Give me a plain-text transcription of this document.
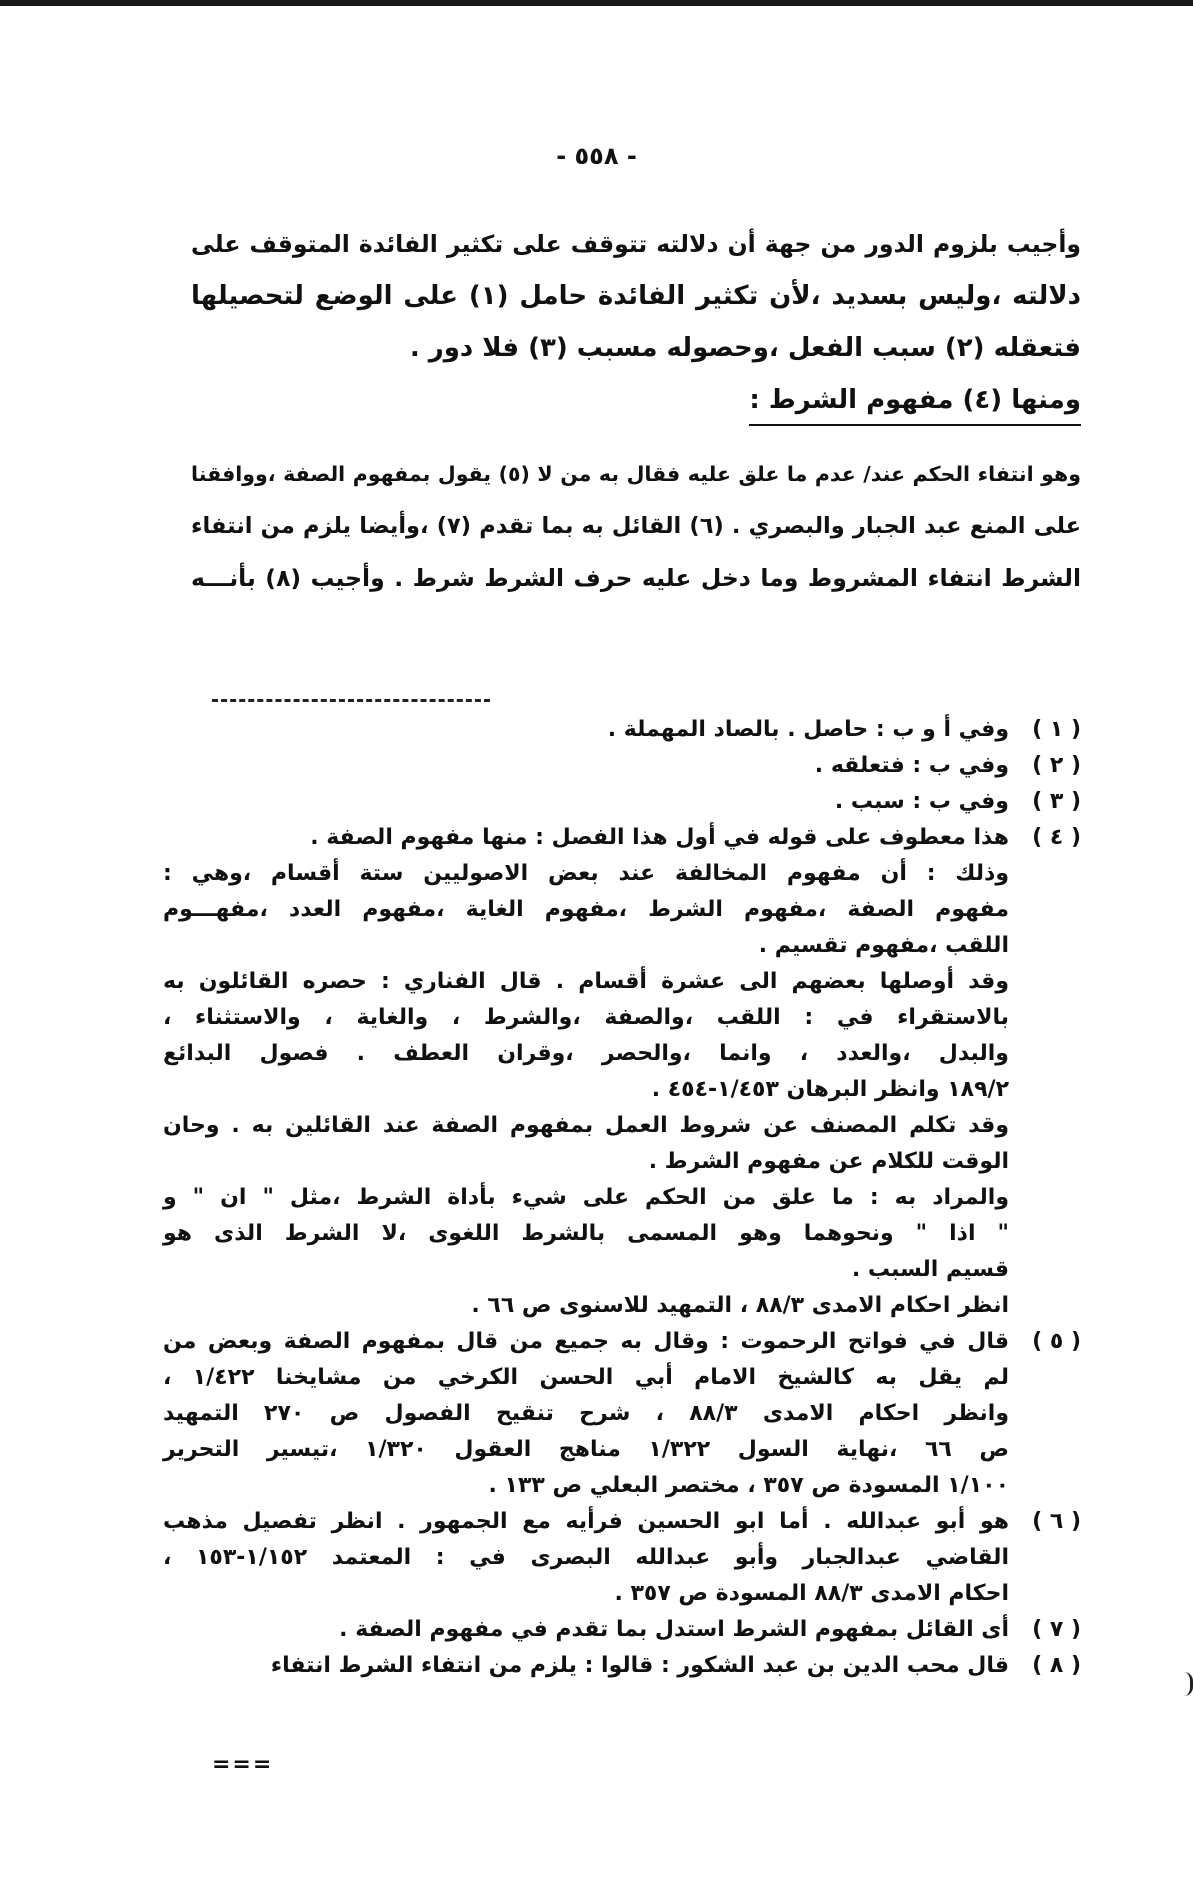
- ٥٥٨ -
وأجيب بلزوم الدور من جهة أن دلالته تتوقف على تكثير الفائدة المتوقف على
دلالته ،وليس بسديد ،لأن تكثير الفائدة حامل (١) على الوضع لتحصيلها
فتعقله (٢) سبب الفعل ،وحصوله مسبب (٣) فلا دور .
ومنها (٤) مفهوم الشرط :
وهو انتفاء الحكم عند/ عدم ما علق عليه فقال به من لا (٥) يقول بمفهوم الصفة ،ووافقنا
على المنع عبد الجبار والبصري . (٦) القائل به بما تقدم (٧) ،وأيضا يلزم من انتفاء
الشرط انتفاء المشروط وما دخل عليه حرف الشرط شرط . وأجيب (٨) بأنـــه
( ١ )
وفي أ و ب : حاصل . بالصاد المهملة .
( ٢ )
وفي ب : فتعلقه .
( ٣ )
وفي ب : سبب .
( ٤ )
هذا معطوف على قوله في أول هذا الفصل : منها مفهوم الصفة .
وذلك : أن مفهوم المخالفة عند بعض الاصوليين ستة أقسام ،وهي :
مفهوم الصفة ،مفهوم الشرط ،مفهوم الغاية ،مفهوم العدد ،مفهـــوم
اللقب ،مفهوم تقسيم .
وقد أوصلها بعضهم الى عشرة أقسام . قال الفناري : حصره القائلون به
بالاستقراء في : اللقب ،والصفة ،والشرط ، والغاية ، والاستثناء ،
والبدل ،والعدد ، وانما ،والحصر ،وقران العطف . فصول البدائع
١٨٩/٢ وانظر البرهان ١/٤٥٣-٤٥٤ .
وقد تكلم المصنف عن شروط العمل بمفهوم الصفة عند القائلين به . وحان
الوقت للكلام عن مفهوم الشرط .
والمراد به : ما علق من الحكم على شيء بأداة الشرط ،مثل " ان " و
" اذا " ونحوهما وهو المسمى بالشرط اللغوى ،لا الشرط الذى هو
قسيم السبب .
انظر احكام الامدى ٨٨/٣ ، التمهيد للاسنوى ص ٦٦ .
( ٥ )
قال في فواتح الرحموت : وقال به جميع من قال بمفهوم الصفة وبعض من
لم يقل به كالشيخ الامام أبي الحسن الكرخي من مشايخنا ١/٤٢٢ ،
وانظر احكام الامدى ٨٨/٣ ، شرح تنقيح الفصول ص ٢٧٠ التمهيد
ص ٦٦ ،نهاية السول ١/٣٢٢ مناهج العقول ١/٣٢٠ ،تيسير التحرير
١/١٠٠ المسودة ص ٣٥٧ ، مختصر البعلي ص ١٣٣ .
( ٦ )
هو أبو عبدالله . أما ابو الحسين فرأيه مع الجمهور . انظر تفصيل مذهب
القاضي عبدالجبار وأبو عبدالله البصرى في : المعتمد ١/١٥٢-١٥٣ ،
احكام الامدى ٨٨/٣ المسودة ص ٣٥٧ .
( ٧ )
أى القائل بمفهوم الشرط استدل بما تقدم في مفهوم الصفة .
( ٨ )
قال محب الدين بن عبد الشكور : قالوا : يلزم من انتفاء الشرط انتفاء
===
